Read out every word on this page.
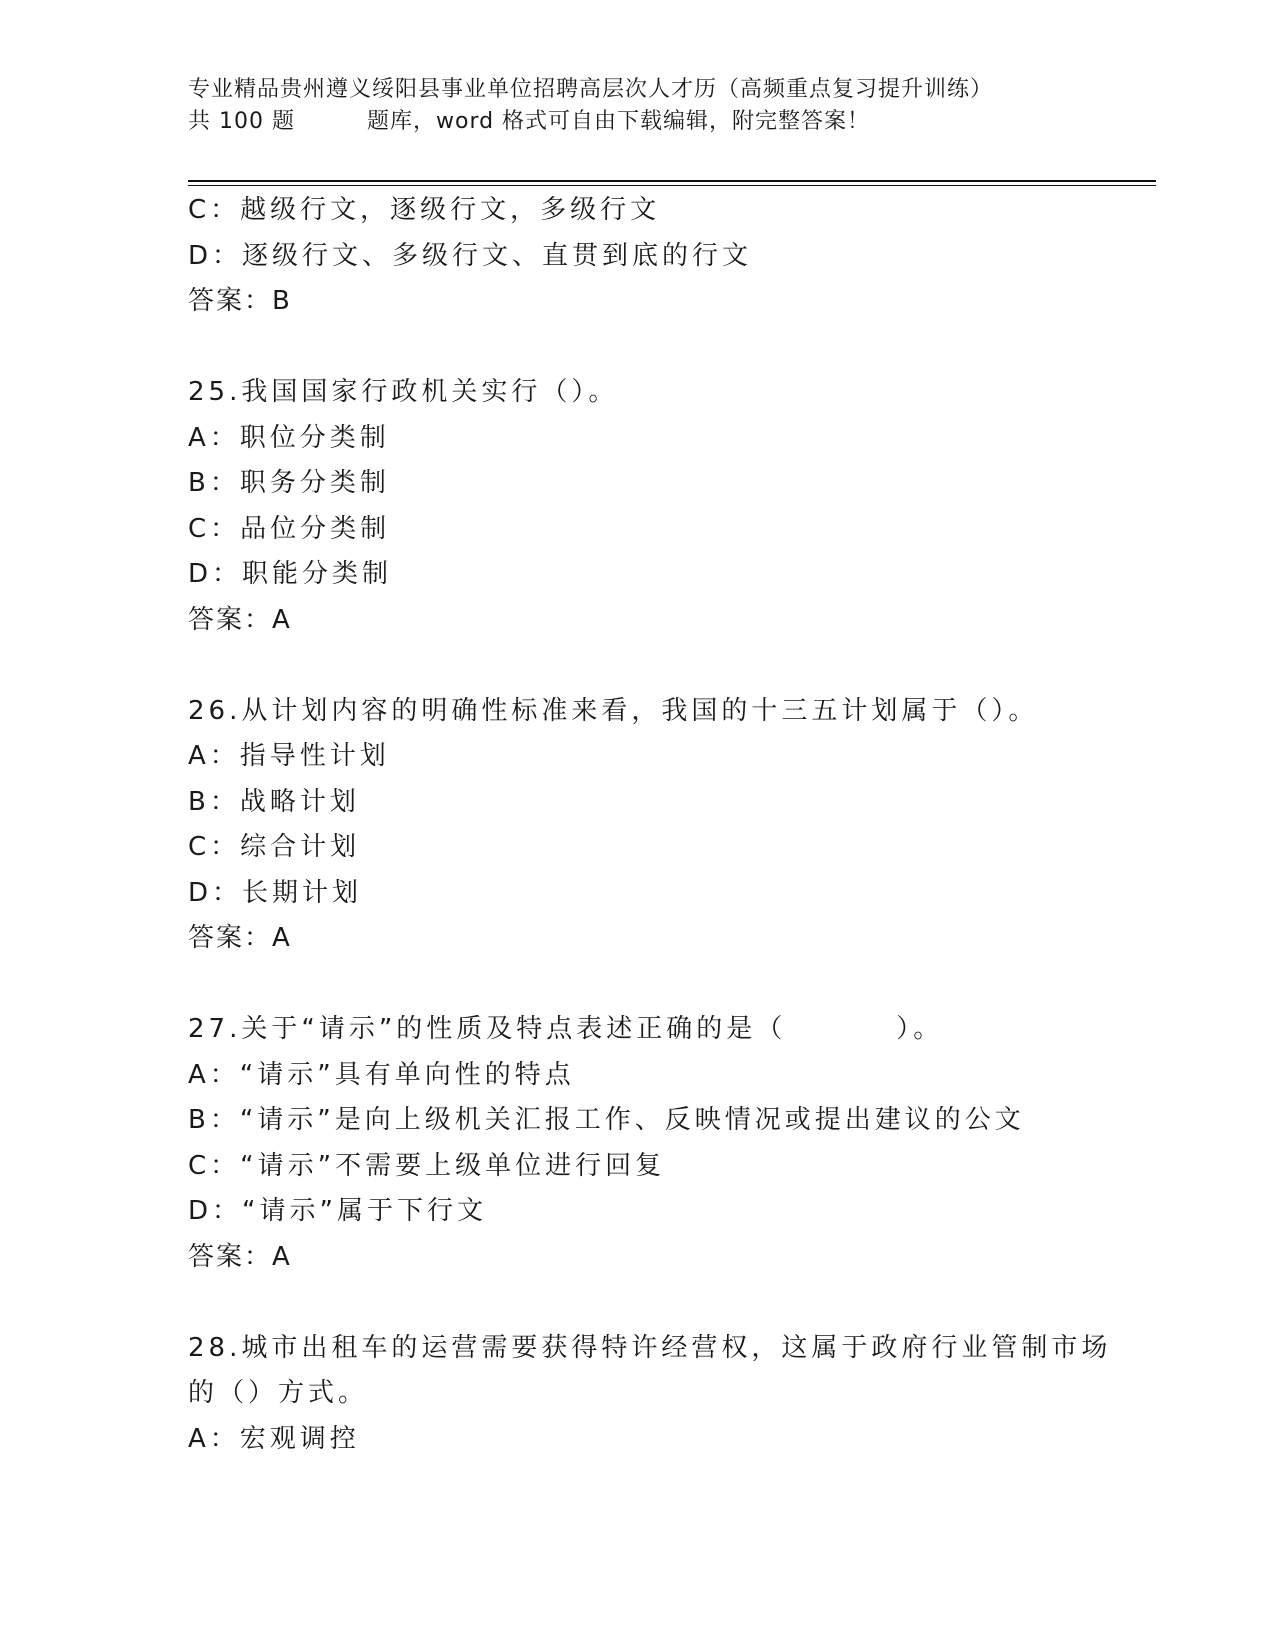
专业精品贵州遵义绥阳县事业单位招聘高层次人才历（高频重点复习提升训练）
共 100 题	题库，word 格式可自由下载编辑，附完整答案！
C：越级行文，逐级行文，多级行文
D：逐级行文、多级行文、直贯到底的行文
答案：B
25.我国国家行政机关实行（）。
A：职位分类制
B：职务分类制
C：品位分类制
D：职能分类制
答案：A
26.从计划内容的明确性标准来看，我国的十三五计划属于（）。
A：指导性计划
B：战略计划
C：综合计划
D：长期计划
答案：A
27.关于“请示”的性质及特点表述正确的是（	）。
A：“请示”具有单向性的特点
B：“请示”是向上级机关汇报工作、反映情况或提出建议的公文
C：“请示”不需要上级单位进行回复
D：“请示”属于下行文
答案：A
28.城市出租车的运营需要获得特许经营权，这属于政府行业管制市场
的（）方式。
A：宏观调控
